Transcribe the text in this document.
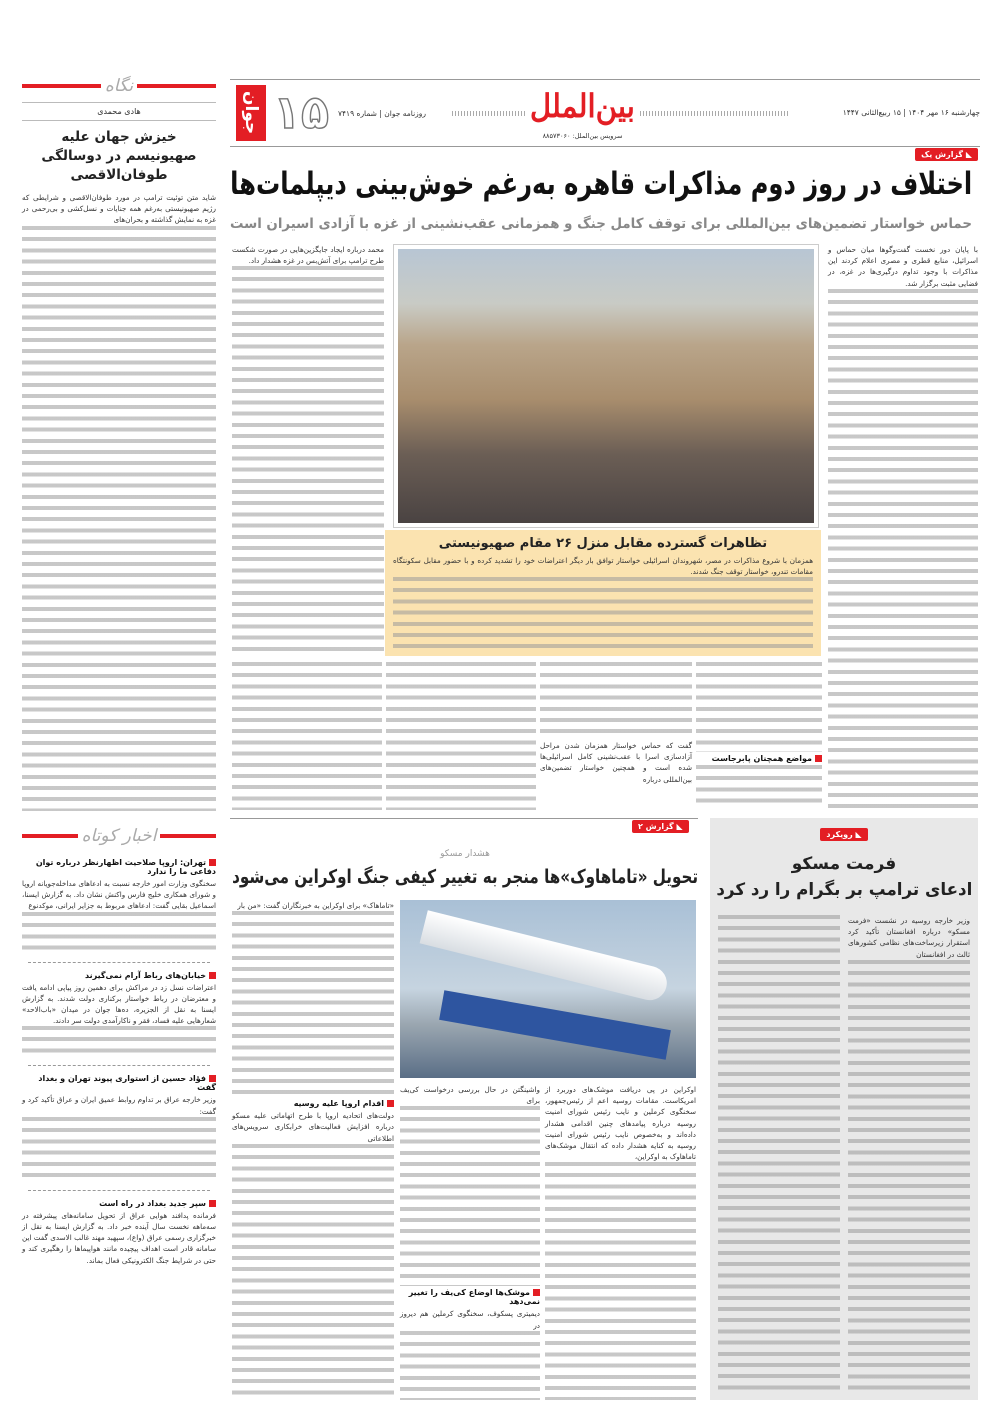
نگاه
هادی محمدی
خیزش جهان علیه صهیونیسم در دوسالگی طوفان‌الاقصی

شاید متن توئیت ترامپ در مورد طوفان‌الاقصی و شرایطی که رژیم صهیونیستی به‌رغم همه جنایات و نسل‌کشی و بی‌رحمی در غزه به نمایش گذاشته و بحران‌های

اخبار کوتاه
تهران: اروپا صلاحیت اظهارنظر درباره توان دفاعی ما را ندارد

سخنگوی وزارت امور خارجه نسبت به ادعاهای مداخله‌جویانه اروپا و شورای همکاری خلیج فارس واکنش نشان داد. به گزارش ایسنا، اسماعیل بقایی گفت: ادعاهای مربوط به جزایر ایرانی، موکدنوع

خیابان‌های رباط آرام نمی‌گیرند

اعتراضات نسل زد در مراکش برای دهمین روز پیاپی ادامه یافت و معترضان در رباط خواستار برکناری دولت شدند. به گزارش ایسنا به‌ نقل از الجزیره، ده‌ها جوان در میدان «باب‌الاحد» شعارهایی علیه فساد، فقر و ناکارآمدی دولت سر دادند.

فؤاد حسین از استواری پیوند تهران و بغداد گفت

وزیر خارجه عراق بر تداوم روابط عمیق ایران و عراق تأکید کرد و گفت:

سپر جدید بغداد در راه است

فرمانده پدافند هوایی عراق از تحویل سامانه‌های پیشرفته در سه‌ماهه نخست سال آینده خبر داد. به گزارش ایسنا به نقل از خبرگزاری رسمی عراق (واع)، سپهبد مهند غالب الاسدی گفت این سامانه قادر است اهداف پیچیده مانند هواپیماها را رهگیری کند و حتی در شرایط جنگ الکترونیکی فعال بماند.

جوان ۱۵	روزنامه جوان | شماره ۷۴۱۹	بین‌الملل
سرویس بین‌الملل: ۸۸۵۷۳۰۶۰
چهارشنبه ۱۶ مهر ۱۴۰۴ | ۱۵ ربیع‌الثانی ۱۴۴۷
◣ گزارش یک
اختلاف در روز دوم مذاکرات قاهره به‌رغم خوش‌بینی دیپلمات‌ها
حماس خواستار تضمین‌های بین‌المللی برای توقف کامل جنگ و همزمانی عقب‌نشینی از غزه با آزادی اسیران است

با پایان دور نخست گفت‌وگوها میان حماس و اسرائیل، منابع قطری و مصری اعلام کردند این مذاکرات با وجود تداوم درگیری‌ها در غزه، در فضایی مثبت برگزار شد.

تظاهرات گسترده مقابل منزل ۲۶ مقام صهیونیستی

همزمان با شروع مذاکرات در مصر، شهروندان اسرائیلی خواستار توافق بار دیگر اعتراضات خود را تشدید کرده و با حضور مقابل سکونتگاه مقامات تندرو، خواستار توقف جنگ شدند.

محمد درباره ایجاد جایگزین‌هایی در صورت شکست طرح ترامپ برای آتش‌بس در غزه هشدار داد.

گفت که حماس خواستار همزمان شدن مراحل آزادسازی اسرا با عقب‌نشینی کامل اسرائیلی‌ها شده است و همچنین خواستار تضمین‌های بین‌المللی درباره

مواضع همچنان پابرجاست
◣ گزارش ۲
هشدار مسکو
تحویل «تاماهاوک»‌ها منجر به تغییر کیفی جنگ اوکراین می‌شود

اوکراین در پی دریافت موشک‌های دوربرد از امریکاست. مقامات روسیه اعم از رئیس‌جمهور، سخنگوی کرملین و نایب رئیس شورای امنیت روسیه درباره پیامدهای چنین اقدامی هشدار داده‌اند و به‌خصوص نایب رئیس شورای امنیت روسیه به کنایه هشدار داده که انتقال موشک‌های تاماهاوک به اوکراین،

واشینگتن در حال بررسی درخواست کی‌یف برای

موشک‌ها اوضاع کی‌یف را تغییر نمی‌دهد

دیمیتری پسکوف، سخنگوی کرملین هم دیروز در

«تاماهاک» برای اوکراین به خبرنگاران گفت: «من بار

اقدام اروپا علیه روسیه

دولت‌های اتحادیه اروپا با طرح اتهاماتی علیه مسکو درباره افزایش فعالیت‌های خرابکاری سرویس‌های اطلاعاتی

◣ رویکرد
فرمت مسکو
ادعای ترامپ بر بگرام را رد کرد

وزیر خارجه روسیه در نشست «فرمت مسکو» درباره افغانستان تأکید کرد استقرار زیرساخت‌های نظامی کشورهای ثالث در افغانستان
